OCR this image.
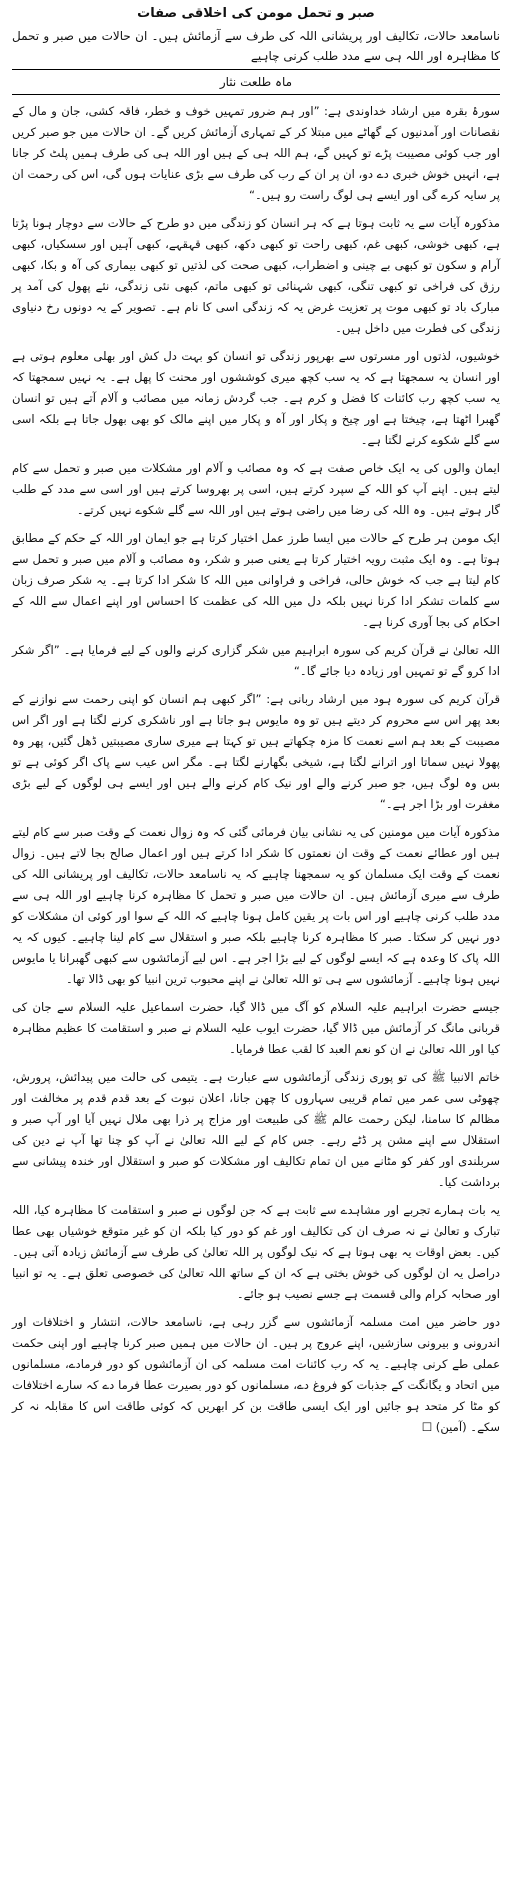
صبر و تحمل مومن کی اخلاقی صفات

ناسامعد حالات، تکالیف اور پریشانی اللہ کی طرف سے آزمائش ہیں۔ ان حالات میں صبر و تحمل کا مظاہرہ اور اللہ ہی سے مدد طلب کرنی چاہیے

ماہ طلعت نثار

سورۂ بقرہ میں ارشاد خداوندی ہے: ”اور ہم ضرور تمہیں خوف و خطر، فاقہ کشی، جان و مال کے نقصانات اور آمدنیوں کے گھاٹے میں مبتلا کر کے تمہاری آزمائش کریں گے۔ ان حالات میں جو صبر کریں اور جب کوئی مصیبت پڑے تو کہیں گے، ہم اللہ ہی کے ہیں اور اللہ ہی کی طرف ہمیں پلٹ کر جانا ہے، انہیں خوش خبری دے دو، ان پر ان کے رب کی طرف سے بڑی عنایات ہوں گی، اس کی رحمت ان پر سایہ کرے گی اور ایسے ہی لوگ راست رو ہیں۔“

مذکورہ آیات سے یہ ثابت ہوتا ہے کہ ہر انسان کو زندگی میں دو طرح کے حالات سے دوچار ہونا پڑتا ہے، کبھی خوشی، کبھی غم، کبھی راحت تو کبھی دکھ، کبھی قہقہے، کبھی آہیں اور سسکیاں، کبھی آرام و سکون تو کبھی بے چینی و اضطراب، کبھی صحت کی لذتیں تو کبھی بیماری کی آہ و بکا، کبھی رزق کی فراخی تو کبھی تنگی، کبھی شہنائی تو کبھی ماتم، کبھی نئی زندگی، نئے پھول کی آمد پر مبارک باد تو کبھی موت پر تعزیت غرض یہ کہ زندگی اسی کا نام ہے۔ تصویر کے یہ دونوں رخ دنیاوی زندگی کی فطرت میں داخل ہیں۔

خوشیوں، لذتوں اور مسرتوں سے بھرپور زندگی تو انسان کو بہت دل کش اور بھلی معلوم ہوتی ہے اور انسان یہ سمجھتا ہے کہ یہ سب کچھ میری کوششوں اور محنت کا پھل ہے۔ یہ نہیں سمجھتا کہ یہ سب کچھ رب کائنات کا فضل و کرم ہے۔ جب گردش زمانہ میں مصائب و آلام آتے ہیں تو انسان گھبرا اٹھتا ہے، چیختا ہے اور چیخ و پکار اور آہ و پکار میں اپنے مالک کو بھی بھول جاتا ہے بلکہ اسی سے گلے شکوے کرنے لگتا ہے۔

ایمان والوں کی یہ ایک خاص صفت ہے کہ وہ مصائب و آلام اور مشکلات میں صبر و تحمل سے کام لیتے ہیں۔ اپنے آپ کو اللہ کے سپرد کرتے ہیں، اسی پر بھروسا کرتے ہیں اور اسی سے مدد کے طلب گار ہوتے ہیں۔ وہ اللہ کی رضا میں راضی ہوتے ہیں اور اللہ سے گلے شکوے نہیں کرتے۔

ایک مومن ہر طرح کے حالات میں ایسا طرز عمل اختیار کرتا ہے جو ایمان اور اللہ کے حکم کے مطابق ہوتا ہے۔ وہ ایک مثبت رویہ اختیار کرتا ہے یعنی صبر و شکر، وہ مصائب و آلام میں صبر و تحمل سے کام لیتا ہے جب کہ خوش حالی، فراخی و فراوانی میں اللہ کا شکر ادا کرتا ہے۔ یہ شکر صرف زبان سے کلمات تشکر ادا کرنا نہیں بلکہ دل میں اللہ کی عظمت کا احساس اور اپنے اعمال سے اللہ کے احکام کی بجا آوری کرنا ہے۔

اللہ تعالیٰ نے قرآن کریم کی سورہ ابراہیم میں شکر گزاری کرنے والوں کے لیے فرمایا ہے۔ ”اگر شکر ادا کرو گے تو تمہیں اور زیادہ دیا جائے گا۔“

قرآن کریم کی سورہ ہود میں ارشاد ربانی ہے: ”اگر کبھی ہم انسان کو اپنی رحمت سے نوازنے کے بعد پھر اس سے محروم کر دیتے ہیں تو وہ مایوس ہو جاتا ہے اور ناشکری کرنے لگتا ہے اور اگر اس مصیبت کے بعد ہم اسے نعمت کا مزہ چکھاتے ہیں تو کہتا ہے میری ساری مصیبتیں ڈھل گئیں، پھر وہ پھولا نہیں سماتا اور اترانے لگتا ہے، شیخی بگھارنے لگتا ہے۔ مگر اس عیب سے پاک اگر کوئی ہے تو بس وہ لوگ ہیں، جو صبر کرنے والے اور نیک کام کرنے والے ہیں اور ایسے ہی لوگوں کے لیے بڑی مغفرت اور بڑا اجر ہے۔“

مذکورہ آیات میں مومنین کی یہ نشانی بیان فرمائی گئی کہ وہ زوال نعمت کے وقت صبر سے کام لیتے ہیں اور عطائے نعمت کے وقت ان نعمتوں کا شکر ادا کرتے ہیں اور اعمال صالح بجا لاتے ہیں۔ زوال نعمت کے وقت ایک مسلمان کو یہ سمجھنا چاہیے کہ یہ ناسامعد حالات، تکالیف اور پریشانی اللہ کی طرف سے میری آزمائش ہیں۔ ان حالات میں صبر و تحمل کا مظاہرہ کرنا چاہیے اور اللہ ہی سے مدد طلب کرنی چاہیے اور اس بات پر یقین کامل ہونا چاہیے کہ اللہ کے سوا اور کوئی ان مشکلات کو دور نہیں کر سکتا۔ صبر کا مظاہرہ کرنا چاہیے بلکہ صبر و استقلال سے کام لینا چاہیے۔ کیوں کہ یہ اللہ پاک کا وعدہ ہے کہ ایسے لوگوں کے لیے بڑا اجر ہے۔ اس لیے آزمائشوں سے کبھی گھبرانا یا مایوس نہیں ہونا چاہیے۔ آزمائشوں سے ہی تو اللہ تعالیٰ نے اپنے محبوب ترین انبیا کو بھی ڈالا تھا۔

جیسے حضرت ابراہیم علیہ السلام کو آگ میں ڈالا گیا، حضرت اسماعیل علیہ السلام سے جان کی قربانی مانگ کر آزمائش میں ڈالا گیا، حضرت ایوب علیہ السلام نے صبر و استقامت کا عظیم مظاہرہ کیا اور اللہ تعالیٰ نے ان کو نعم العبد کا لقب عطا فرمایا۔

خاتم الانبیا ﷺ کی تو پوری زندگی آزمائشوں سے عبارت ہے۔ یتیمی کی حالت میں پیدائش، پرورش، چھوٹی سی عمر میں تمام قریبی سہاروں کا چھن جانا، اعلان نبوت کے بعد قدم قدم پر مخالفت اور مظالم کا سامنا، لیکن رحمت عالم ﷺ کی طبیعت اور مزاج پر ذرا بھی ملال نہیں آیا اور آپ صبر و استقلال سے اپنے مشن پر ڈٹے رہے۔ جس کام کے لیے اللہ تعالیٰ نے آپ کو چنا تھا آپ نے دین کی سربلندی اور کفر کو مٹانے میں ان تمام تکالیف اور مشکلات کو صبر و استقلال اور خندہ پیشانی سے برداشت کیا۔

یہ بات ہمارے تجربے اور مشاہدے سے ثابت ہے کہ جن لوگوں نے صبر و استقامت کا مظاہرہ کیا، اللہ تبارک و تعالیٰ نے نہ صرف ان کی تکالیف اور غم کو دور کیا بلکہ ان کو غیر متوقع خوشیاں بھی عطا کیں۔ بعض اوقات یہ بھی ہوتا ہے کہ نیک لوگوں پر اللہ تعالیٰ کی طرف سے آزمائش زیادہ آتی ہیں۔ دراصل یہ ان لوگوں کی خوش بختی ہے کہ ان کے ساتھ اللہ تعالیٰ کی خصوصی تعلق ہے۔ یہ تو انبیا اور صحابہ کرام والی قسمت ہے جسے نصیب ہو جائے۔

دور حاضر میں امت مسلمہ آزمائشوں سے گزر رہی ہے، ناسامعد حالات، انتشار و اختلافات اور اندرونی و بیرونی سازشیں، اپنے عروج پر ہیں۔ ان حالات میں ہمیں صبر کرنا چاہیے اور اپنی حکمت عملی طے کرنی چاہیے۔ یہ کہ رب کائنات امت مسلمہ کی ان آزمائشوں کو دور فرمادے، مسلمانوں میں اتحاد و یگانگت کے جذبات کو فروغ دے، مسلمانوں کو دور بصیرت عطا فرما دے کہ سارے اختلافات کو مٹا کر متحد ہو جائیں اور ایک ایسی طاقت بن کر ابھریں کہ کوئی طاقت اس کا مقابلہ نہ کر سکے۔ (آمین) ☐
